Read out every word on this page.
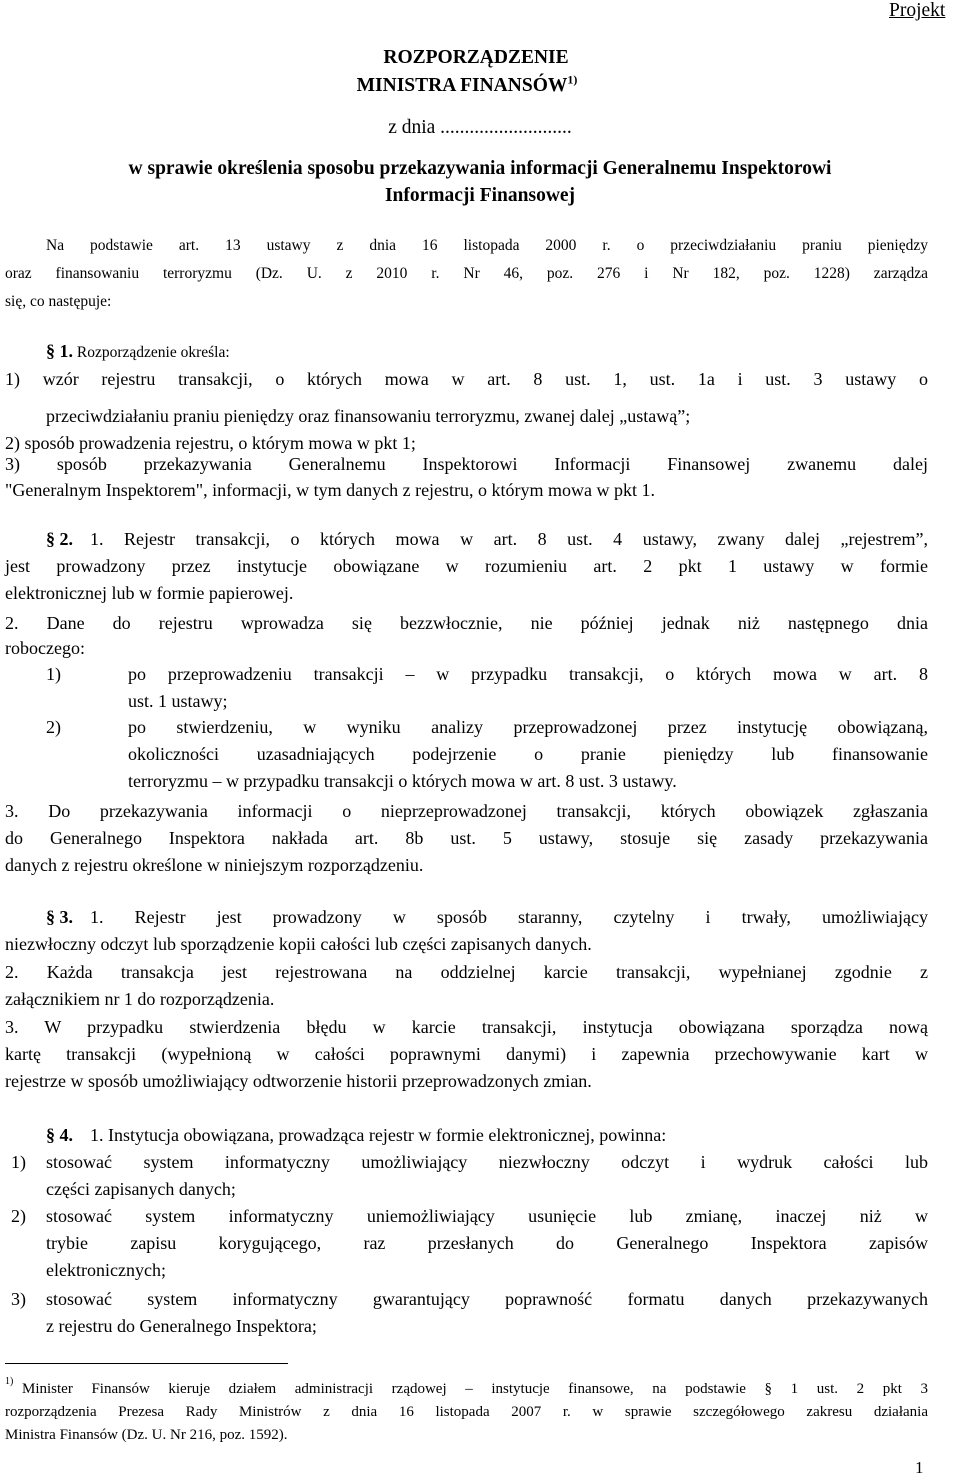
Projekt
ROZPORZĄDZENIE
MINISTRA FINANSÓW$^{1)}$
z dnia ...........................
w sprawie określenia sposobu przekazywania informacji Generalnemu Inspektorowi
Informacji Finansowej
Na podstawie art. 13 ustawy z dnia 16 listopada 2000 r. o przeciwdziałaniu praniu pieniędzy
oraz finansowaniu terroryzmu (Dz. U. z 2010 r. Nr 46, poz. 276 i Nr 182, poz. 1228) zarządza
się, co następuje:
§ 1. Rozporządzenie określa:
1) wzór rejestru transakcji, o których mowa w art. 8 ust. 1, ust. 1a i ust. 3 ustawy o
przeciwdziałaniu praniu pieniędzy oraz finansowaniu terroryzmu, zwanej dalej „ustawą”;
2) sposób prowadzenia rejestru, o którym mowa w pkt 1;
3) sposób przekazywania Generalnemu Inspektorowi Informacji Finansowej zwanemu dalej
"Generalnym Inspektorem", informacji, w tym danych z rejestru, o którym mowa w pkt 1.
§ 2. 1. Rejestr transakcji, o których mowa w art. 8 ust. 4 ustawy, zwany dalej „rejestrem”,
jest prowadzony przez instytucje obowiązane w rozumieniu art. 2 pkt 1 ustawy w formie
elektronicznej lub w formie papierowej.
2. Dane do rejestru wprowadza się bezzwłocznie, nie później jednak niż następnego dnia
roboczego:
1)	po przeprowadzeniu transakcji – w przypadku transakcji, o których mowa w art. 8
ust. 1 ustawy;
2)	po stwierdzeniu, w wyniku analizy przeprowadzonej przez instytucję obowiązaną,
okoliczności uzasadniających podejrzenie o pranie pieniędzy lub finansowanie
terroryzmu – w przypadku transakcji o których mowa w art. 8 ust. 3 ustawy.
3. Do przekazywania informacji o nieprzeprowadzonej transakcji, których obowiązek zgłaszania
do Generalnego Inspektora nakłada art. 8b ust. 5 ustawy, stosuje się zasady przekazywania
danych z rejestru określone w niniejszym rozporządzeniu.
§ 3. 1. Rejestr jest prowadzony w sposób staranny, czytelny i trwały, umożliwiający
niezwłoczny odczyt lub sporządzenie kopii całości lub części zapisanych danych.
2. Każda transakcja jest rejestrowana na oddzielnej karcie transakcji, wypełnianej zgodnie z
załącznikiem nr 1 do rozporządzenia.
3. W przypadku stwierdzenia błędu w karcie transakcji, instytucja obowiązana sporządza nową
kartę transakcji (wypełnioną w całości poprawnymi danymi) i zapewnia przechowywanie kart w
rejestrze w sposób umożliwiający odtworzenie historii przeprowadzonych zmian.
§ 4. 1. Instytucja obowiązana, prowadząca rejestr w formie elektronicznej, powinna:
1) stosować system informatyczny umożliwiający niezwłoczny odczyt i wydruk całości lub
części zapisanych danych;
2) stosować system informatyczny uniemożliwiający usunięcie lub zmianę, inaczej niż w
trybie zapisu korygującego, raz przesłanych do Generalnego Inspektora zapisów
elektronicznych;
3) stosować system informatyczny gwarantujący poprawność formatu danych przekazywanych
z rejestru do Generalnego Inspektora;
1) Minister Finansów kieruje działem administracji rządowej – instytucje finansowe, na podstawie § 1 ust. 2 pkt 3
rozporządzenia Prezesa Rady Ministrów z dnia 16 listopada 2007 r. w sprawie szczegółowego zakresu działania
Ministra Finansów (Dz. U. Nr 216, poz. 1592).
1
